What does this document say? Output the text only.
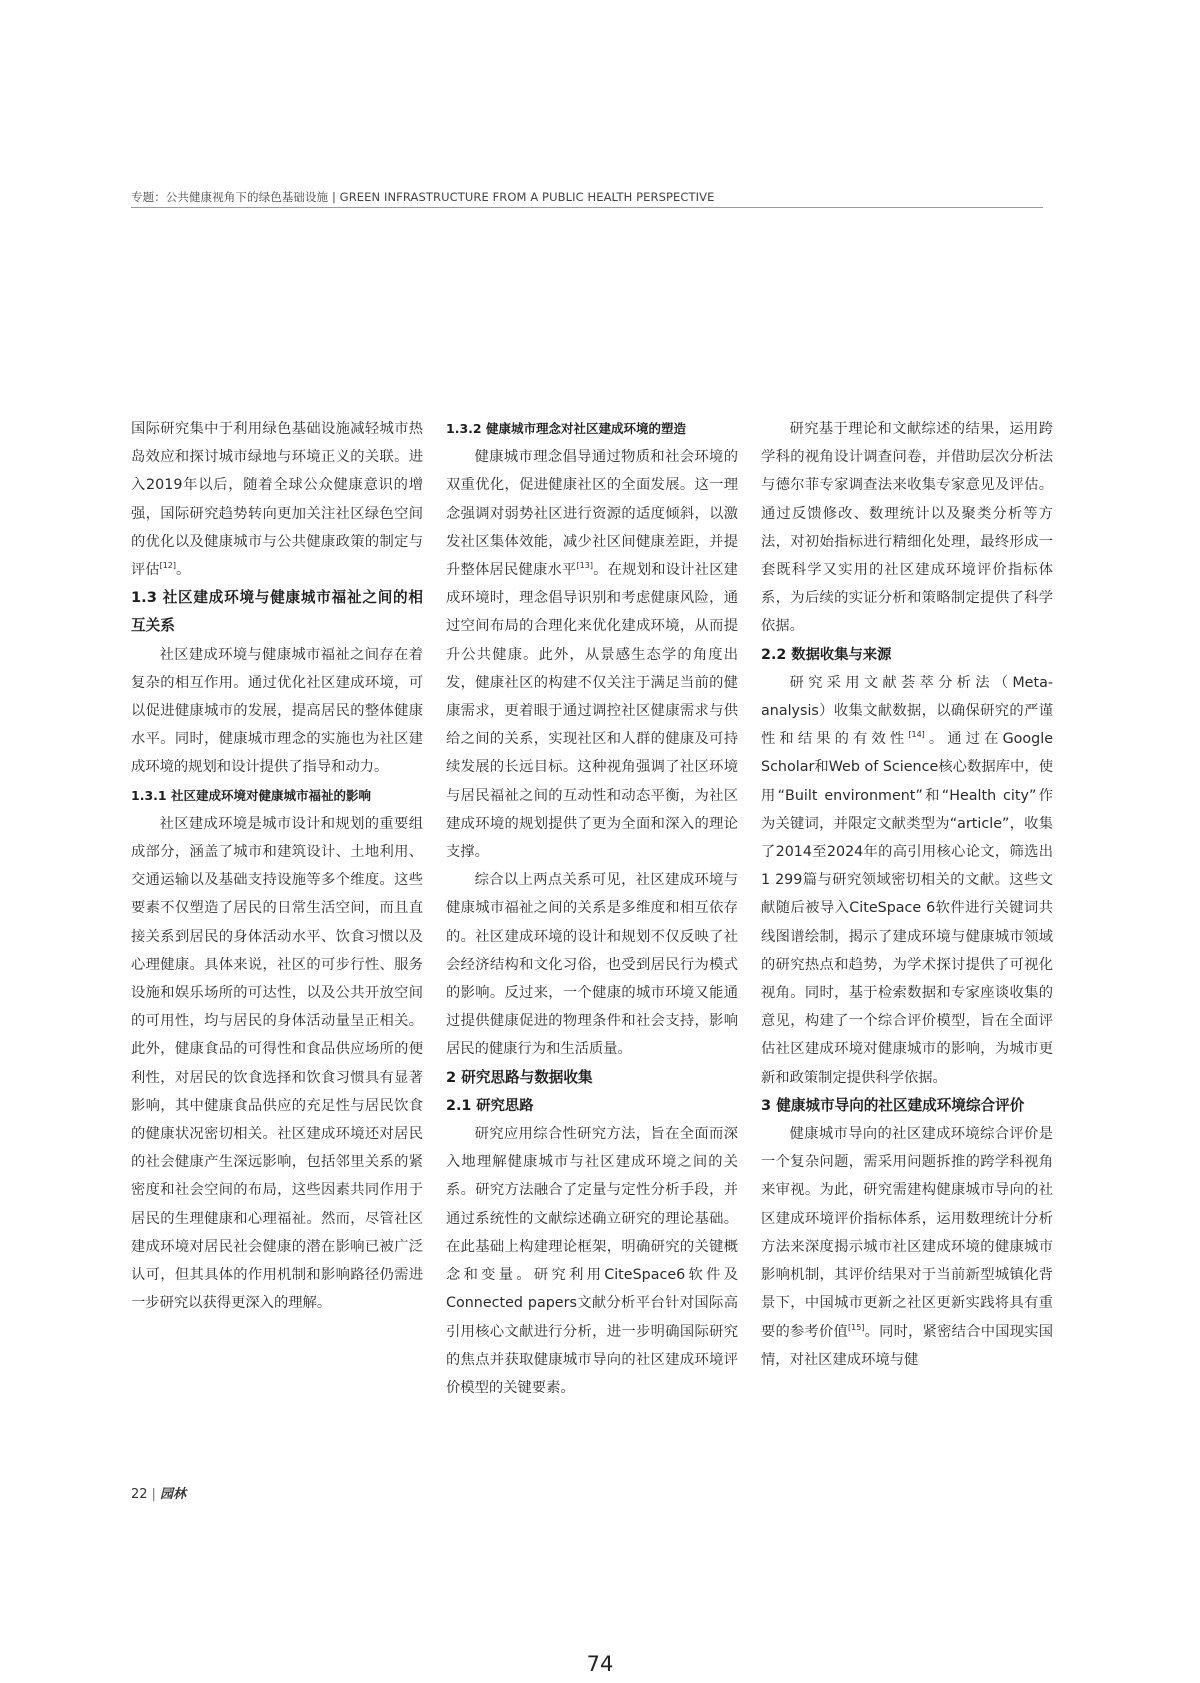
专题：公共健康视角下的绿色基础设施 | GREEN INFRASTRUCTURE FROM A PUBLIC HEALTH PERSPECTIVE

国际研究集中于利用绿色基础设施减轻城市热岛效应和探讨城市绿地与环境正义的关联。进入2019年以后，随着全球公众健康意识的增强，国际研究趋势转向更加关注社区绿色空间的优化以及健康城市与公共健康政策的制定与评估[12]。

1.3 社区建成环境与健康城市福祉之间的相互关系

社区建成环境与健康城市福祉之间存在着复杂的相互作用。通过优化社区建成环境，可以促进健康城市的发展，提高居民的整体健康水平。同时，健康城市理念的实施也为社区建成环境的规划和设计提供了指导和动力。

1.3.1 社区建成环境对健康城市福祉的影响

社区建成环境是城市设计和规划的重要组成部分，涵盖了城市和建筑设计、土地利用、交通运输以及基础支持设施等多个维度。这些要素不仅塑造了居民的日常生活空间，而且直接关系到居民的身体活动水平、饮食习惯以及心理健康。具体来说，社区的可步行性、服务设施和娱乐场所的可达性，以及公共开放空间的可用性，均与居民的身体活动量呈正相关。此外，健康食品的可得性和食品供应场所的便利性，对居民的饮食选择和饮食习惯具有显著影响，其中健康食品供应的充足性与居民饮食的健康状况密切相关。社区建成环境还对居民的社会健康产生深远影响，包括邻里关系的紧密度和社会空间的布局，这些因素共同作用于居民的生理健康和心理福祉。然而，尽管社区建成环境对居民社会健康的潜在影响已被广泛认可，但其具体的作用机制和影响路径仍需进一步研究以获得更深入的理解。

1.3.2 健康城市理念对社区建成环境的塑造

健康城市理念倡导通过物质和社会环境的双重优化，促进健康社区的全面发展。这一理念强调对弱势社区进行资源的适度倾斜，以激发社区集体效能，减少社区间健康差距，并提升整体居民健康水平[13]。在规划和设计社区建成环境时，理念倡导识别和考虑健康风险，通过空间布局的合理化来优化建成环境，从而提升公共健康。此外，从景感生态学的角度出发，健康社区的构建不仅关注于满足当前的健康需求，更着眼于通过调控社区健康需求与供给之间的关系，实现社区和人群的健康及可持续发展的长远目标。这种视角强调了社区环境与居民福祉之间的互动性和动态平衡，为社区建成环境的规划提供了更为全面和深入的理论支撑。

综合以上两点关系可见，社区建成环境与健康城市福祉之间的关系是多维度和相互依存的。社区建成环境的设计和规划不仅反映了社会经济结构和文化习俗，也受到居民行为模式的影响。反过来，一个健康的城市环境又能通过提供健康促进的物理条件和社会支持，影响居民的健康行为和生活质量。

2 研究思路与数据收集
2.1 研究思路

研究应用综合性研究方法，旨在全面而深入地理解健康城市与社区建成环境之间的关系。研究方法融合了定量与定性分析手段，并通过系统性的文献综述确立研究的理论基础。在此基础上构建理论框架，明确研究的关键概念和变量。研究利用CiteSpace6软件及Connected papers文献分析平台针对国际高引用核心文献进行分析，进一步明确国际研究的焦点并获取健康城市导向的社区建成环境评价模型的关键要素。

研究基于理论和文献综述的结果，运用跨学科的视角设计调查问卷，并借助层次分析法与德尔菲专家调查法来收集专家意见及评估。通过反馈修改、数理统计以及聚类分析等方法，对初始指标进行精细化处理，最终形成一套既科学又实用的社区建成环境评价指标体系，为后续的实证分析和策略制定提供了科学依据。

2.2 数据收集与来源

研究采用文献荟萃分析法（Meta-analysis）收集文献数据，以确保研究的严谨性和结果的有效性[14]。通过在Google Scholar和Web of Science核心数据库中，使用“Built environment”和“Health city”作为关键词，并限定文献类型为“article”，收集了2014至2024年的高引用核心论文，筛选出1 299篇与研究领域密切相关的文献。这些文献随后被导入CiteSpace 6软件进行关键词共线图谱绘制，揭示了建成环境与健康城市领域的研究热点和趋势，为学术探讨提供了可视化视角。同时，基于检索数据和专家座谈收集的意见，构建了一个综合评价模型，旨在全面评估社区建成环境对健康城市的影响，为城市更新和政策制定提供科学依据。

3 健康城市导向的社区建成环境综合评价

健康城市导向的社区建成环境综合评价是一个复杂问题，需采用问题拆推的跨学科视角来审视。为此，研究需建构健康城市导向的社区建成环境评价指标体系，运用数理统计分析方法来深度揭示城市社区建成环境的健康城市影响机制，其评价结果对于当前新型城镇化背景下，中国城市更新之社区更新实践将具有重要的参考价值[15]。同时，紧密结合中国现实国情，对社区建成环境与健

22 | 园林
74
